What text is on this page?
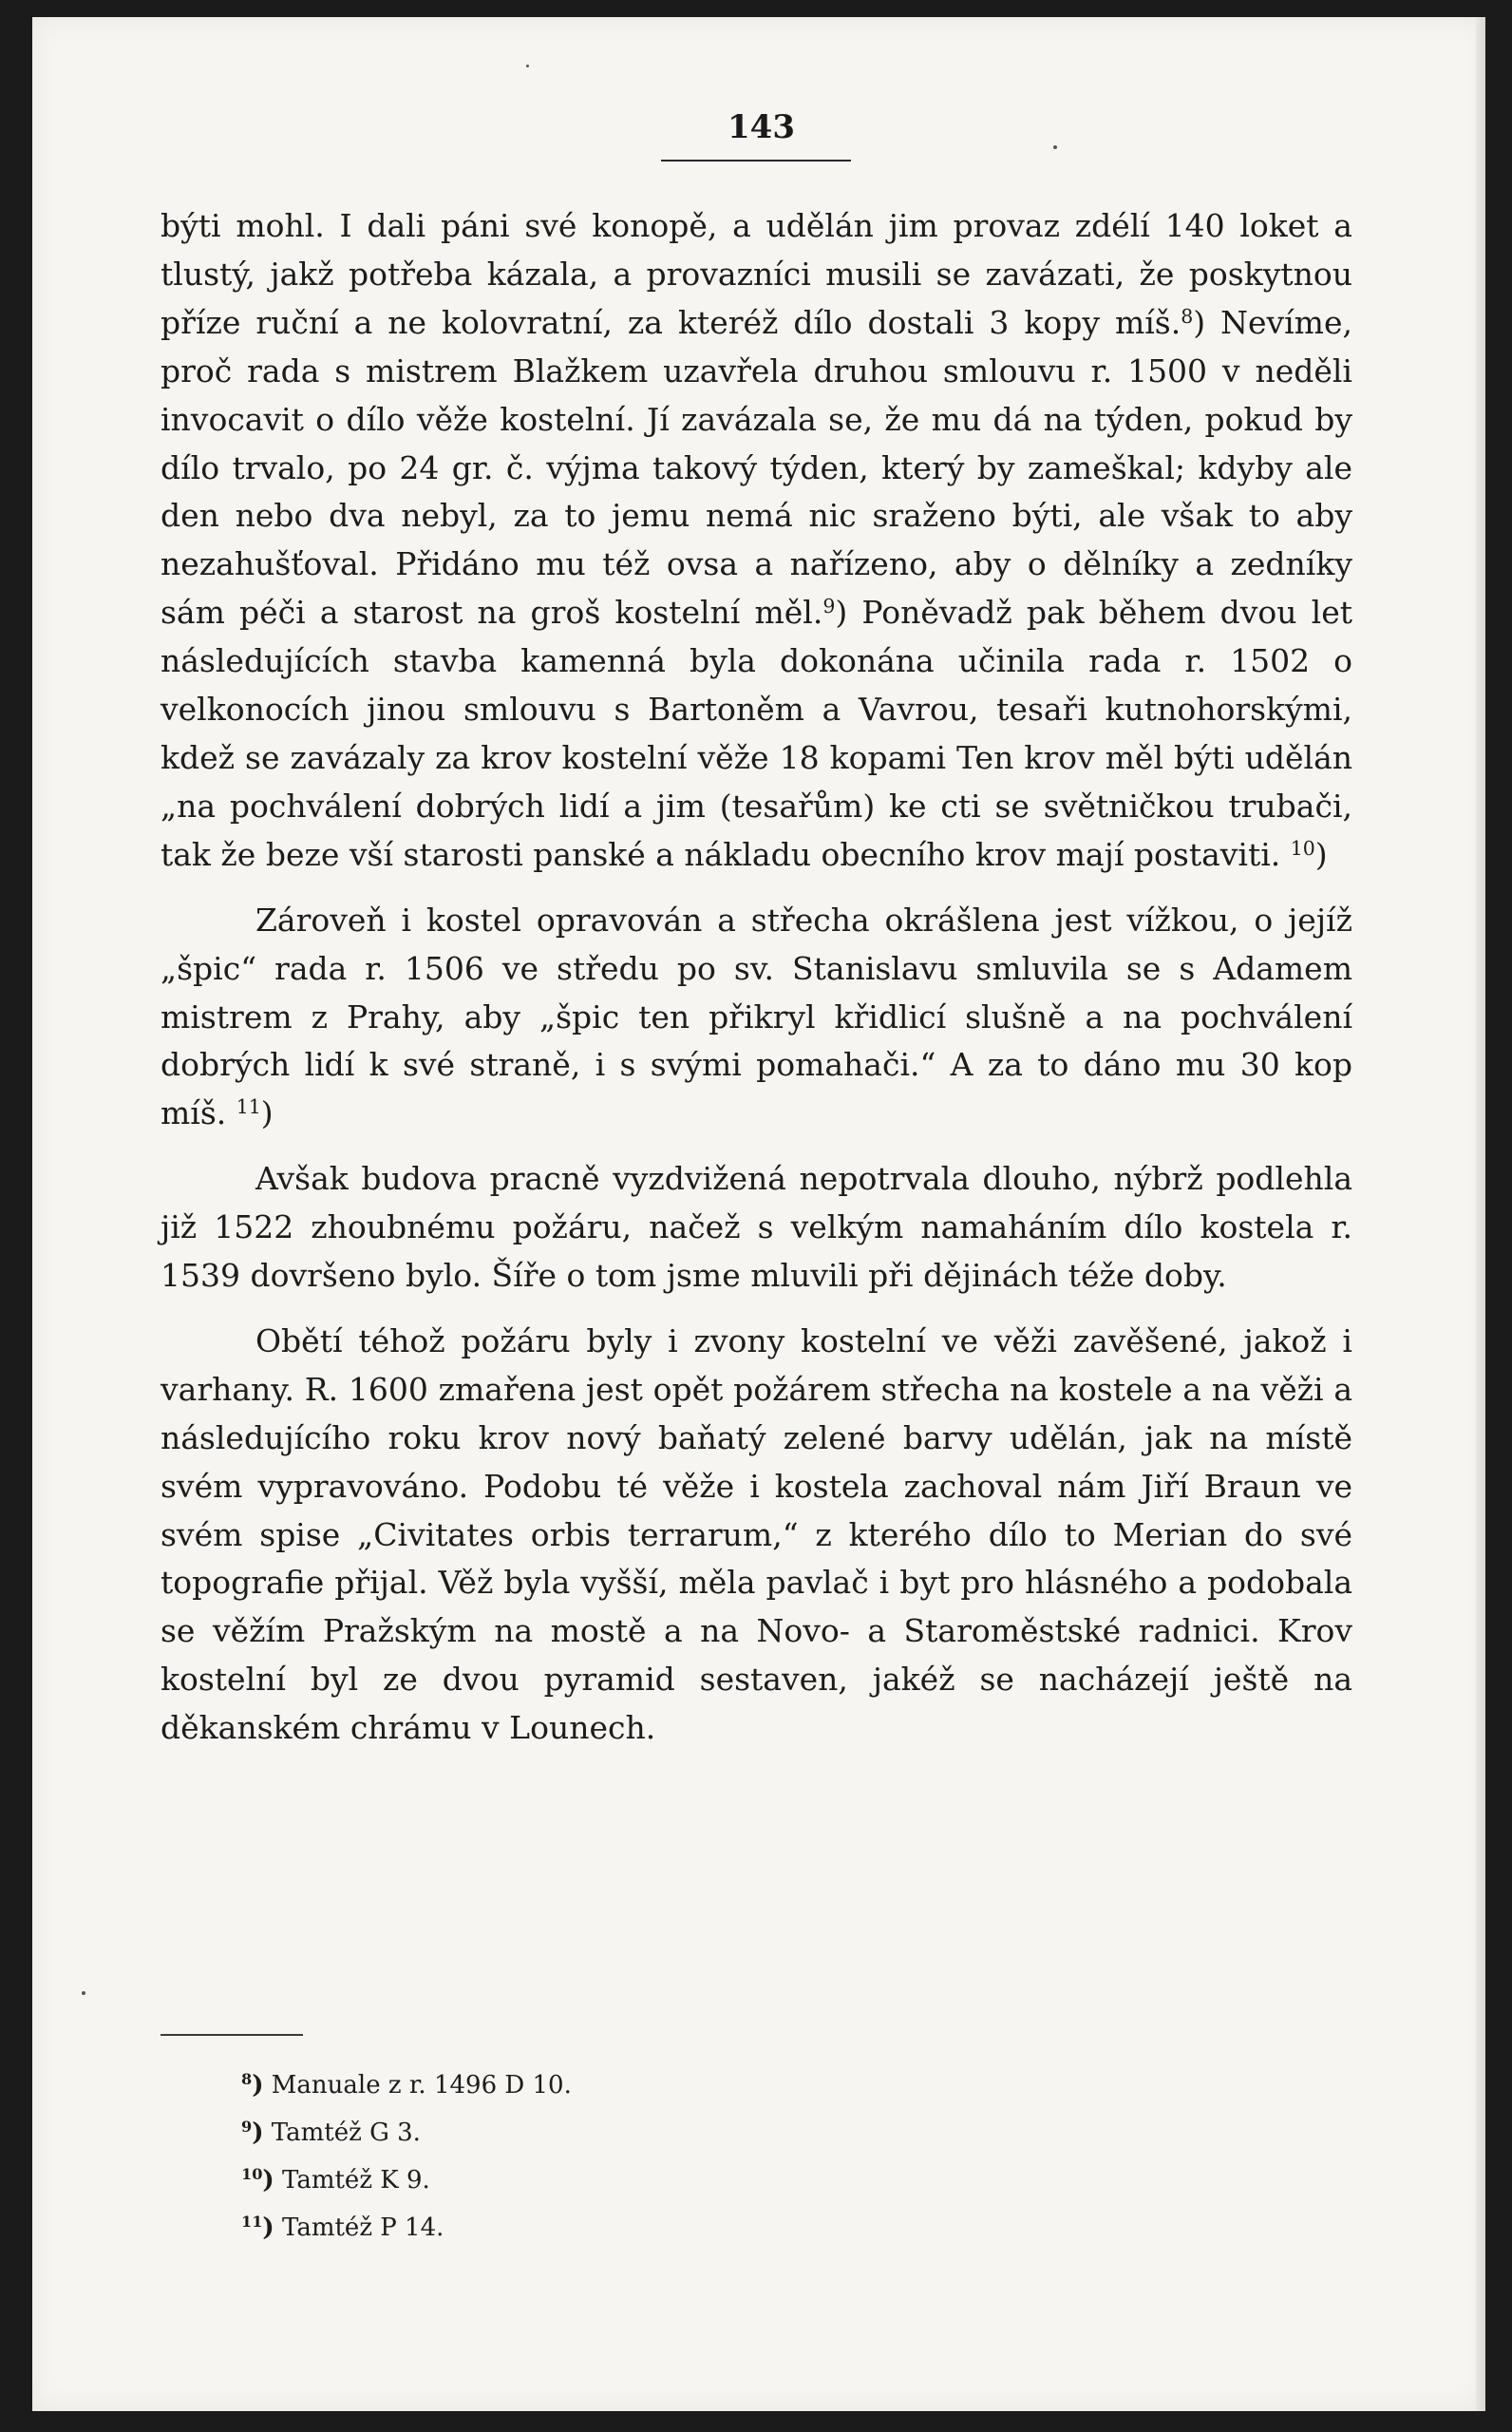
143

býti mohl. I dali páni své konopě, a udělán jim provaz zdélí 140 loket a tlustý, jakž potřeba kázala, a provazníci musili se zavázati, že poskytnou příze ruční a ne kolovratní, za kteréž dílo dostali 3 kopy míš.$^8$) Nevíme, proč rada s mistrem Blažkem uzavřela druhou smlouvu r. 1500 v neděli invocavit o dílo věže kostelní. Jí zavázala se, že mu dá na týden, pokud by dílo trvalo, po 24 gr. č. výjma takový týden, který by zameškal; kdyby ale den nebo dva nebyl, za to jemu nemá nic sraženo býti, ale však to aby nezahušťoval. Přidáno mu též ovsa a nařízeno, aby o dělníky a zedníky sám péči a starost na groš kostelní měl.$^9$) Poněvadž pak během dvou let následujících stavba kamenná byla dokonána učinila rada r. 1502 o velkonocích jinou smlouvu s Bartoněm a Vavrou, tesaři kutnohorskými, kdež se zavázaly za krov kostelní věže 18 kopami Ten krov měl býti udělán „na pochválení dobrých lidí a jim (tesařům) ke cti se světničkou trubači, tak že beze vší starosti panské a nákladu obecního krov mají postaviti. $^{10}$)

Zároveň i kostel opravován a střecha okrášlena jest vížkou, o jejíž „špic“ rada r. 1506 ve středu po sv. Stanislavu smluvila se s Adamem mistrem z Prahy, aby „špic ten přikryl křidlicí slušně a na pochválení dobrých lidí k své straně, i s svými pomahači.“ A za to dáno mu 30 kop míš. $^{11}$)

Avšak budova pracně vyzdvižená nepotrvala dlouho, nýbrž podlehla již 1522 zhoubnému požáru, načež s velkým namaháním dílo kostela r. 1539 dovršeno bylo. Šíře o tom jsme mluvili při dějinách téže doby.

Obětí téhož požáru byly i zvony kostelní ve věži zavěšené, jakož i varhany. R. 1600 zmařena jest opět požárem střecha na kostele a na věži a následujícího roku krov nový baňatý zelené barvy udělán, jak na místě svém vypravováno. Podobu té věže i kostela zachoval nám Jiří Braun ve svém spise „Civitates orbis terrarum,“ z kterého dílo to Merian do své topografie přijal. Věž byla vyšší, měla pavlač i byt pro hlásného a podobala se věžím Pražským na mostě a na Novo- a Staroměstské radnici. Krov kostelní byl ze dvou pyramid sestaven, jakéž se nacházejí ještě na děkanském chrámu v Lounech.

$^8$) Manuale z r. 1496 D 10.
$^9$) Tamtéž G 3.
$^{10}$) Tamtéž K 9.
$^{11}$) Tamtéž P 14.
